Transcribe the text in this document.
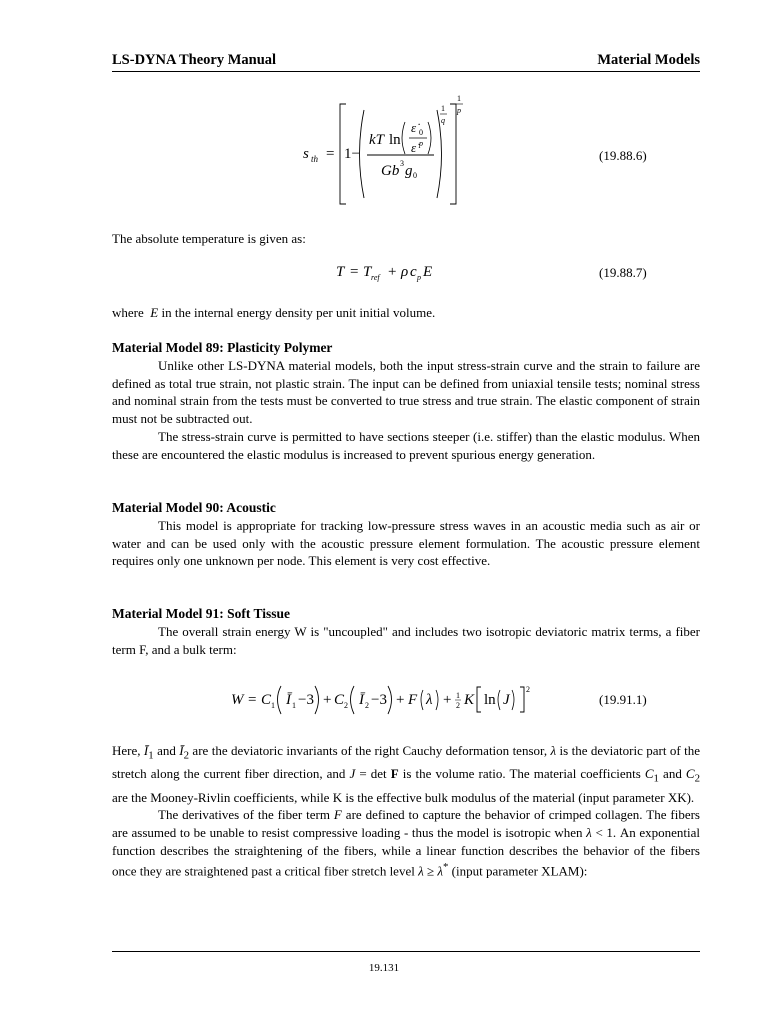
LS-DYNA Theory Manual	Material Models
s th = 1−
kT ln
ε̇ 0
ε̇ p
Gb 3 g 0
1
q
1
p
(19.88.6)
The absolute temperature is given as:
T = T ref + ρ c p E	(19.88.7)
where E in the internal energy density per unit initial volume.
Material Model 89: Plasticity Polymer
Unlike other LS-DYNA material models, both the input stress-strain curve and the strain to failure are defined as total true strain, not plastic strain. The input can be defined from uniaxial tensile tests; nominal stress and nominal strain from the tests must be converted to true stress and true strain. The elastic component of strain must not be subtracted out.
The stress-strain curve is permitted to have sections steeper (i.e. stiffer) than the elastic modulus. When these are encountered the elastic modulus is increased to prevent spurious energy generation.
Material Model 90: Acoustic
This model is appropriate for tracking low-pressure stress waves in an acoustic media such as air or water and can be used only with the acoustic pressure element formulation. The acoustic pressure element requires only one unknown per node. This element is very cost effective.
Material Model 91: Soft Tissue
The overall strain energy W is "uncoupled" and includes two isotropic deviatoric matrix terms, a fiber term F, and a bulk term:
W = C 1 Ī 1 −3 + C 2 Ī 2 −3 + F λ + 1
2 K ln J
2
(19.91.1)
Here, $Ī_1$ and $Ī_2$ are the deviatoric invariants of the right Cauchy deformation tensor, λ is the deviatoric part of the stretch along the current fiber direction, and J = det F is the volume ratio. The material coefficients $C_1$ and $C_2$ are the Mooney-Rivlin coefficients, while K is the effective bulk modulus of the material (input parameter XK).
The derivatives of the fiber term F are defined to capture the behavior of crimped collagen. The fibers are assumed to be unable to resist compressive loading - thus the model is isotropic when λ < 1. An exponential function describes the straightening of the fibers, while a linear function describes the behavior of the fibers once they are straightened past a critical fiber stretch level λ ≥ λ* (input parameter XLAM):
19.131
